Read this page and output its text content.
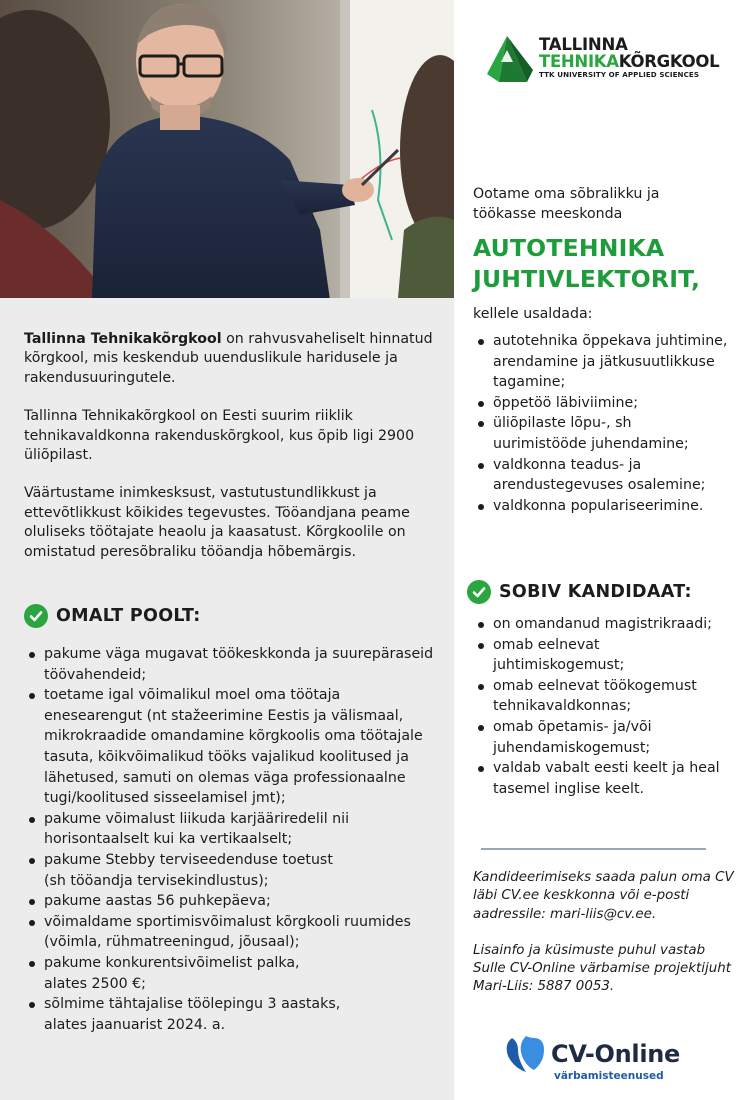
Tallinna Tehnikakõrgkool on rahvusvaheliselt hinnatud kõrgkool, mis keskendub uuenduslikule haridusele ja rakendusuuringutele.

Tallinna Tehnikakõrgkool on Eesti suurim riiklik tehnikavaldkonna rakenduskõrgkool, kus õpib ligi 2900 üliõpilast.

Väärtustame inimkesksust, vastutustundlikkust ja ettevõtlikkust kõikides tegevustes. Tööandjana peame oluliseks töötajate heaolu ja kaasatust. Kõrgkoolile on omistatud peresõbraliku tööandja hõbemärgis.

OMALT POOLT:
pakume väga mugavat töökeskkonda ja suurepäraseid töövahendeid;
toetame igal võimalikul moel oma töötaja enesearengut (nt stažeerimine Eestis ja välismaal, mikrokraadide omandamine kõrgkoolis oma töötajale tasuta, kõikvõimalikud tööks vajalikud koolitused ja lähetused, samuti on olemas väga professionaalne tugi/koolitused sisseelamisel jmt);
pakume võimalust liikuda karjääriredelil nii horisontaalselt kui ka vertikaalselt;
pakume Stebby terviseedenduse toetust
(sh tööandja tervisekindlustus);
pakume aastas 56 puhkepäeva;
võimaldame sportimisvõimalust kõrgkooli ruumides (võimla, rühmatreeningud, jõusaal);
pakume konkurentsivõimelist palka,
alates 2500 €;
sõlmime tähtajalise töölepingu 3 aastaks,
alates jaanuarist 2024. a.
TALLINNA
TEHNIKAKÕRGKOOL
TTK UNIVERSITY OF APPLIED SCIENCES
Ootame oma sõbralikku ja töökasse meeskonda
AUTOTEHNIKA JUHTIVLEKTORIT,
kellele usaldada:
autotehnika õppekava juhtimine, arendamine ja jätkusuutlikkuse tagamine;
õppetöö läbiviimine;
üliõpilaste lõpu-, sh uurimistööde juhendamine;
valdkonna teadus- ja arendustegevuses osalemine;
valdkonna populariseerimine.
SOBIV KANDIDAAT:
on omandanud magistrikraadi;
omab eelnevat juhtimiskogemust;
omab eelnevat töökogemust tehnikavaldkonnas;
omab õpetamis- ja/või juhendamiskogemust;
valdab vabalt eesti keelt ja heal tasemel inglise keelt.

Kandideerimiseks saada palun oma CV läbi CV.ee keskkonna või e-posti aadressile: mari-liis@cv.ee.

Lisainfo ja küsimuste puhul vastab Sulle CV-Online värbamise projektijuht Mari-Liis: 5887 0053.

CV-Online
värbamisteenused
